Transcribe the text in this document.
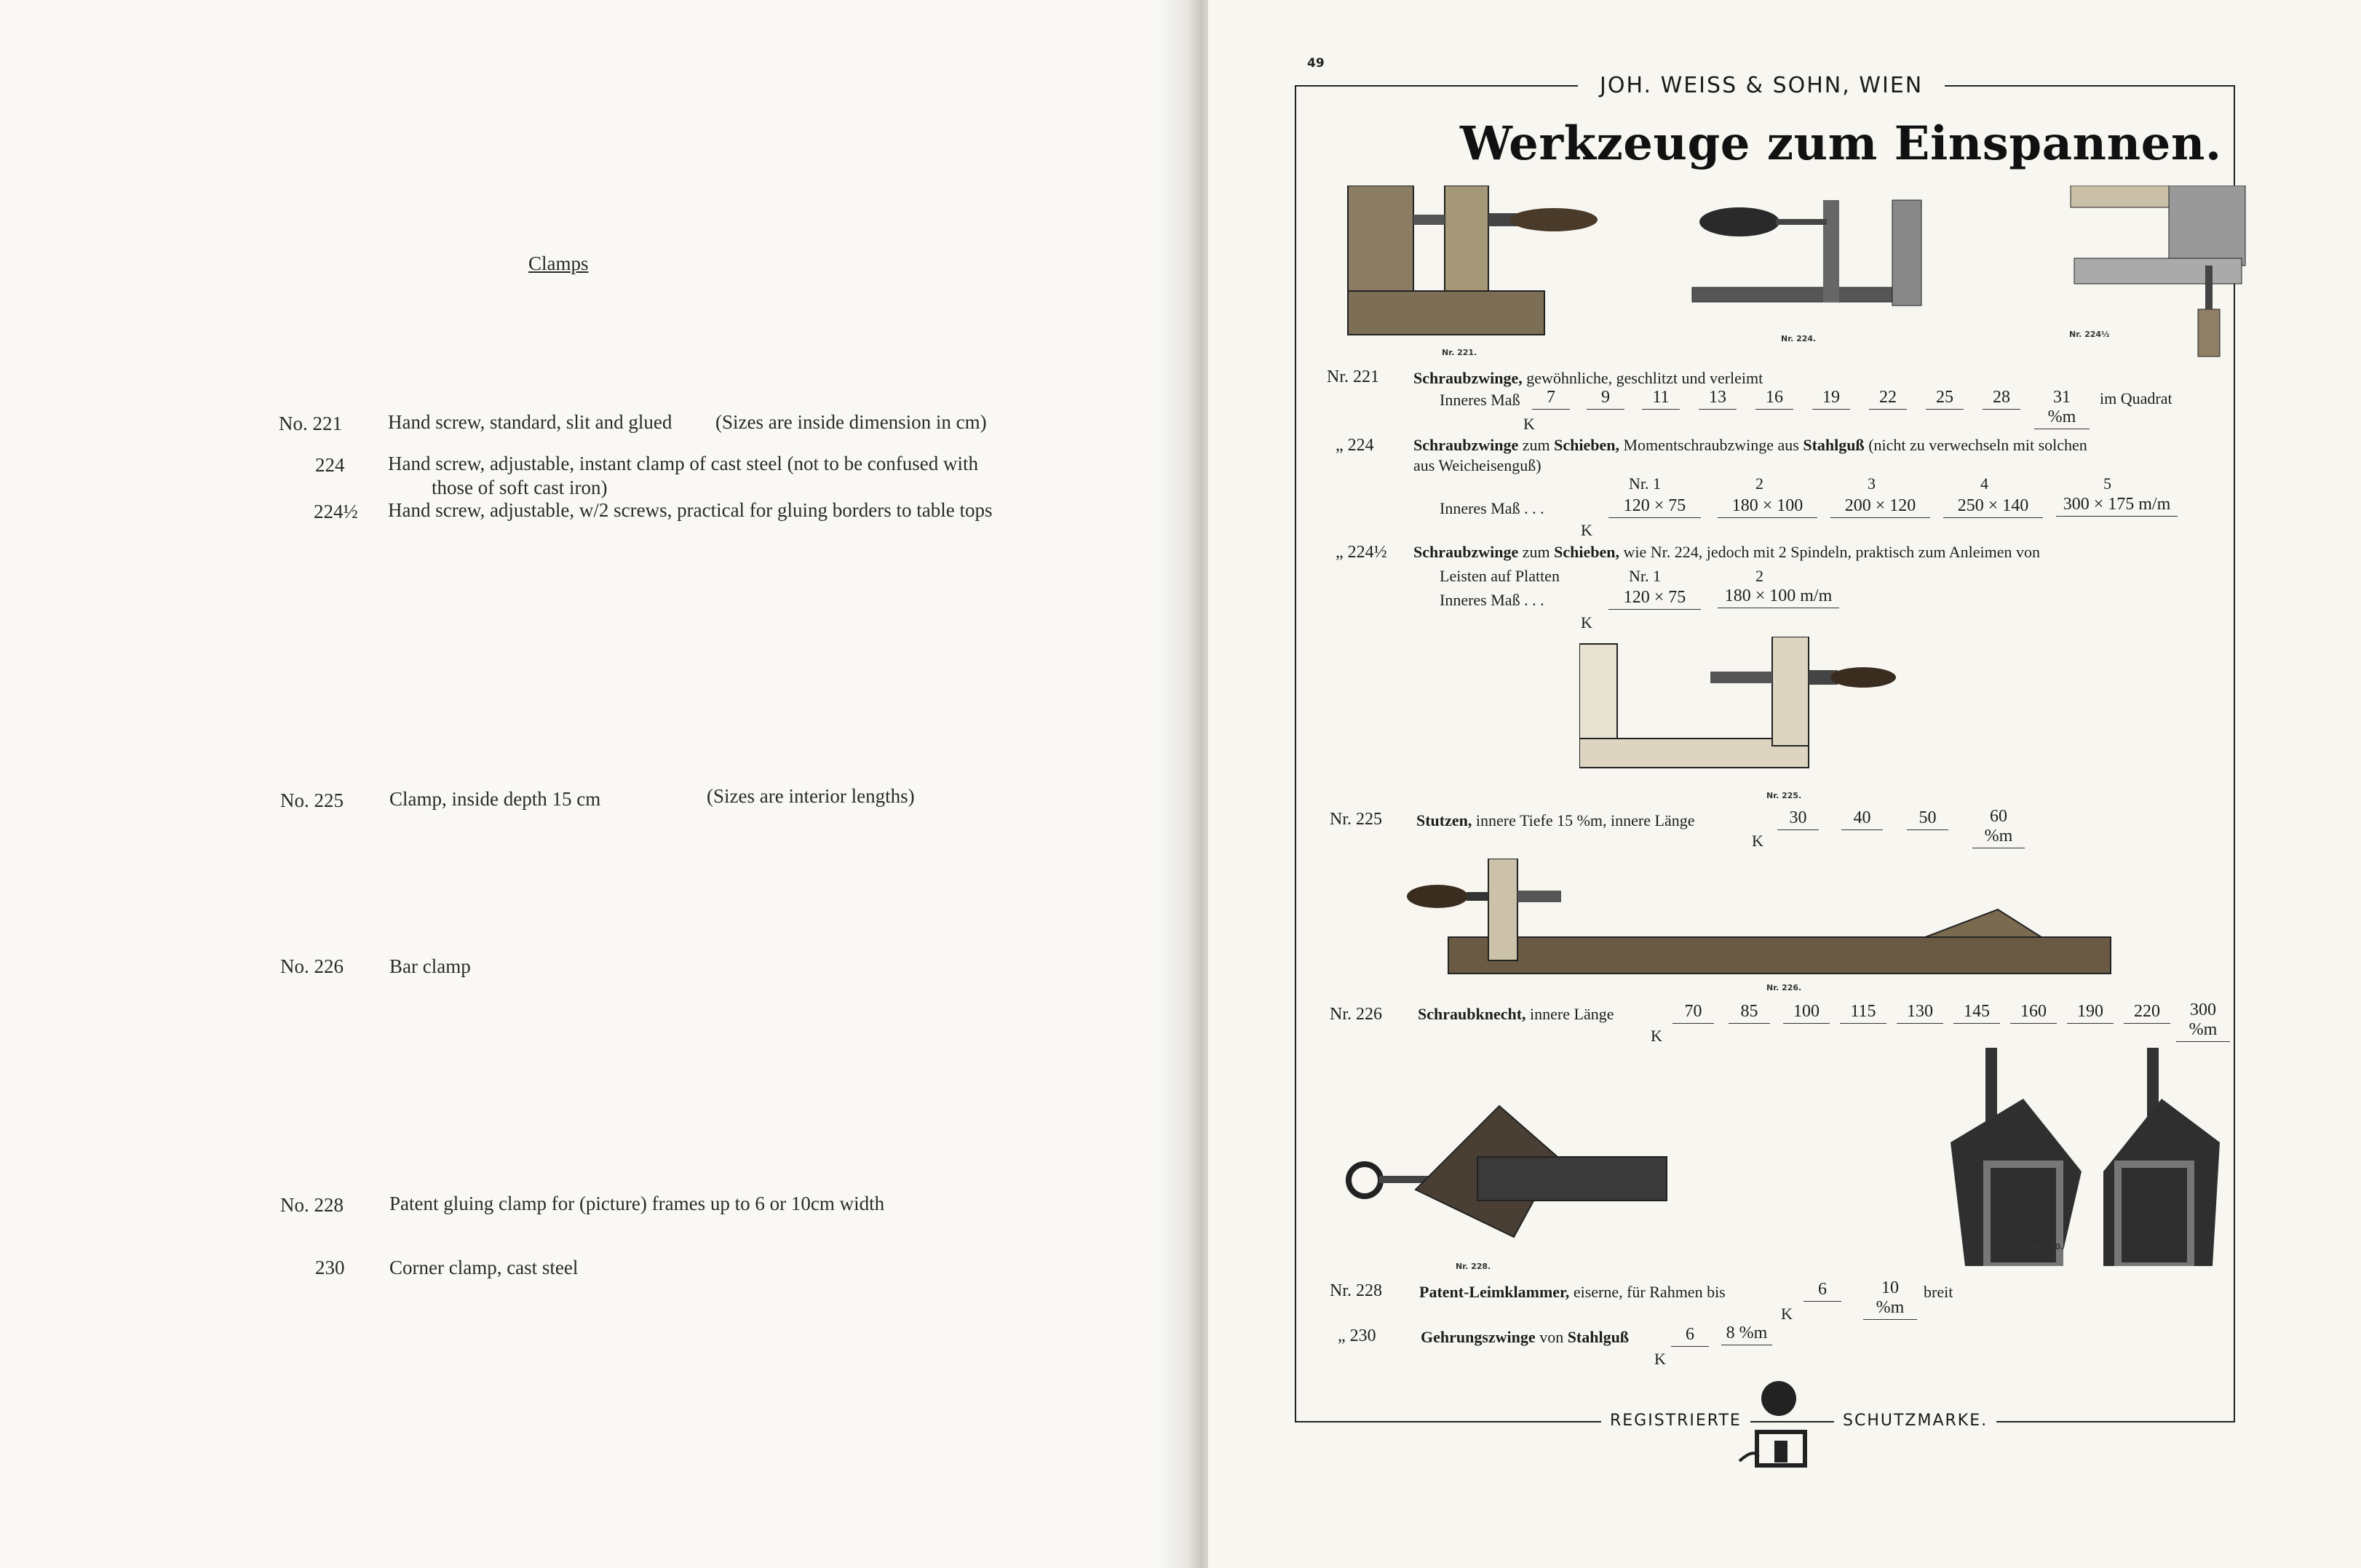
Clamps
No. 221 Hand screw, standard, slit and glued (Sizes are inside dimension in cm)
224 Hand screw, adjustable, instant clamp of cast steel (not to be confused with
those of soft cast iron)
224½ Hand screw, adjustable, w/2 screws, practical for gluing borders to table tops
No. 225 Clamp, inside depth 15 cm	(Sizes are interior lengths)
No. 226 Bar clamp
No. 228 Patent gluing clamp for (picture) frames up to 6 or 10cm width
230 Corner clamp, cast steel
49
JOH. WEISS & SOHN, WIEN
Werkzeuge zum Einspannen.
Nr. 221.
Nr. 224.	Nr. 224½
Nr. 221 Schraubzwinge, gewöhnliche, geschlitzt und verleimt
Inneres Maß	7	9	11	13	16	19	22	25	28	31 %m
im Quadrat
K
„ 224 Schraubzwinge zum Schieben, Momentschraubzwinge aus Stahlguß (nicht zu verwechseln mit solchen
aus Weicheisenguß)
Nr. 1	2	3	4	5
Inneres Maß . . .	120 × 75	180 × 100	200 × 120	250 × 140	300 × 175 m/m
K
„ 224½ Schraubzwinge zum Schieben, wie Nr. 224, jedoch mit 2 Spindeln, praktisch zum Anleimen von
Leisten auf Platten	Nr. 1	2
Inneres Maß . . .	120 × 75	180 × 100 m/m
K
Nr. 225.
Nr. 225 Stutzen, innere Tiefe 15 %m, innere Länge	30	40	50	60 %m
K
Nr. 226.
Nr. 226 Schraubknecht, innere Länge	70	85	100	115	130	145	160	190	220	300 %m
K
Nr. 228.
Nr. 230.
Nr. 228 Patent-Leimklammer, eiserne, für Rahmen bis	6	10 %m
breit
K
„ 230	Gehrungszwinge von Stahlguß	6	8 %m
K
REGISTRIERTE	SCHUTZMARKE.
